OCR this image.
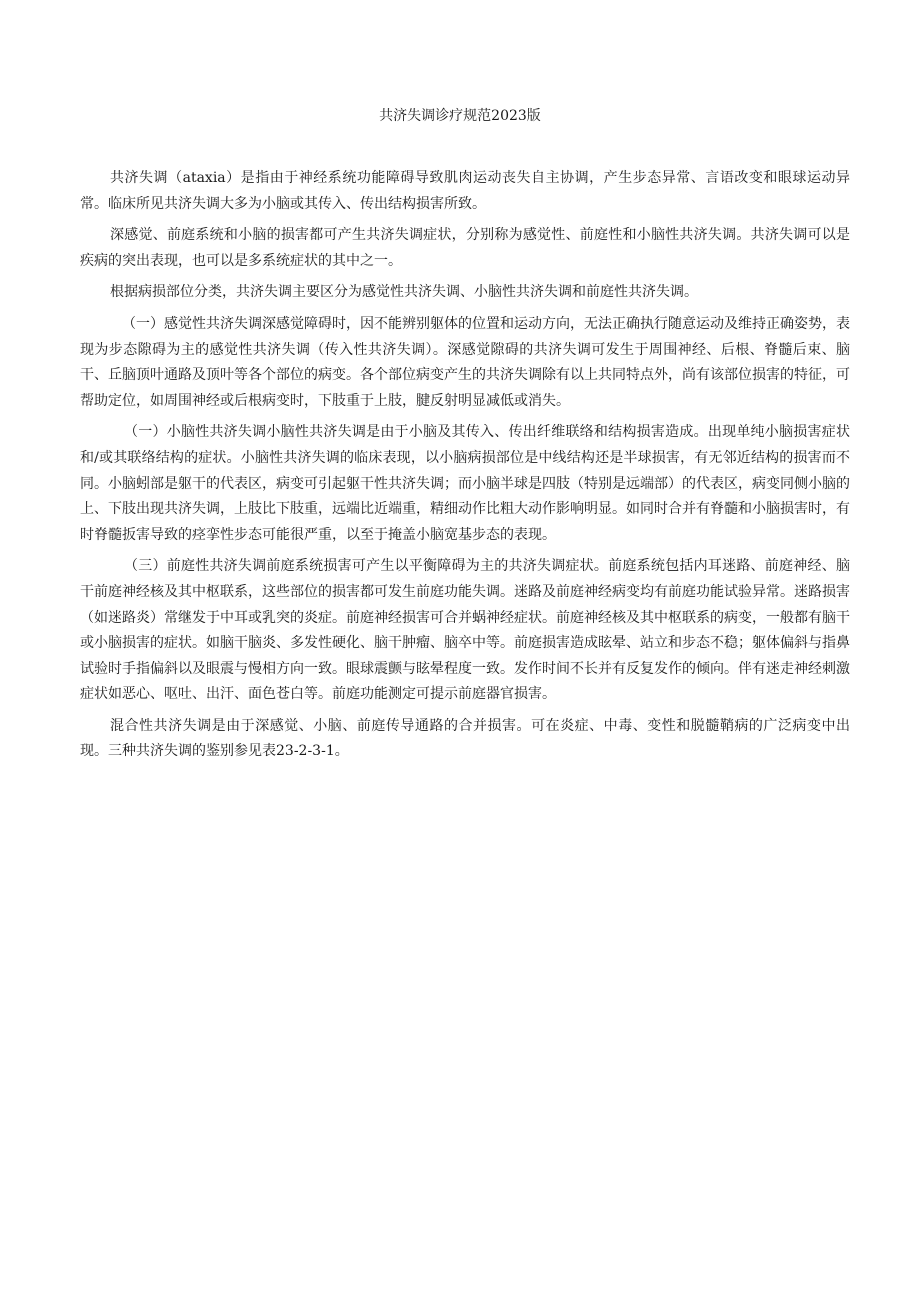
共济失调诊疗规范2023版

共济失调（ataxia）是指由于神经系统功能障碍导致肌肉运动丧失自主协调，产生步态异常、言语改变和眼球运动异常。临床所见共济失调大多为小脑或其传入、传出结构损害所致。

深感觉、前庭系统和小脑的损害都可产生共济失调症状，分别称为感觉性、前庭性和小脑性共济失调。共济失调可以是疾病的突出表现，也可以是多系统症状的其中之一。

根据病损部位分类，共济失调主要区分为感觉性共济失调、小脑性共济失调和前庭性共济失调。

（一）感觉性共济失调深感觉障碍时，因不能辨别躯体的位置和运动方向，无法正确执行随意运动及维持正确姿势，表现为步态隙碍为主的感觉性共济失调（传入性共济失调）。深感觉隙碍的共济失调可发生于周围神经、后根、脊髓后束、脑干、丘脑顶叶通路及顶叶等各个部位的病变。各个部位病变产生的共济失调除有以上共同特点外，尚有该部位损害的特征，可帮助定位，如周围神经或后根病变时，下肢重于上肢，腱反射明显减低或消失。

（一）小脑性共济失调小脑性共济失调是由于小脑及其传入、传出纤维联络和结构损害造成。出现单纯小脑损害症状和/或其联络结构的症状。小脑性共济失调的临床表现，以小脑病损部位是中线结构还是半球损害，有无邻近结构的损害而不同。小脑蚓部是躯干的代表区，病变可引起躯干性共济失调；而小脑半球是四肢（特别是远端部）的代表区，病变同侧小脑的上、下肢出现共济失调，上肢比下肢重，远端比近端重，精细动作比粗大动作影响明显。如同时合并有脊髓和小脑损害时，有时脊髓扳害导致的痉挛性步态可能很严重，以至于掩盖小脑宽基步态的表现。

（三）前庭性共济失调前庭系统损害可产生以平衡障碍为主的共济失调症状。前庭系统包括内耳迷路、前庭神经、脑干前庭神经核及其中枢联系，这些部位的损害都可发生前庭功能失调。迷路及前庭神经病变均有前庭功能试验异常。迷路损害（如迷路炎）常继发于中耳或乳突的炎症。前庭神经损害可合并蜗神经症状。前庭神经核及其中枢联系的病变，一般都有脑干或小脑损害的症状。如脑干脑炎、多发性硬化、脑干肿瘤、脑卒中等。前庭损害造成眩晕、站立和步态不稳；躯体偏斜与指鼻试验时手指偏斜以及眼震与慢相方向一致。眼球震颤与眩晕程度一致。发作时间不长并有反复发作的倾向。伴有迷走神经刺激症状如恶心、呕吐、出汗、面色苍白等。前庭功能测定可提示前庭器官损害。

混合性共济失调是由于深感觉、小脑、前庭传导通路的合并损害。可在炎症、中毒、变性和脱髓鞘病的广泛病变中出现。三种共济失调的鉴别参见表23-2-3-1。
